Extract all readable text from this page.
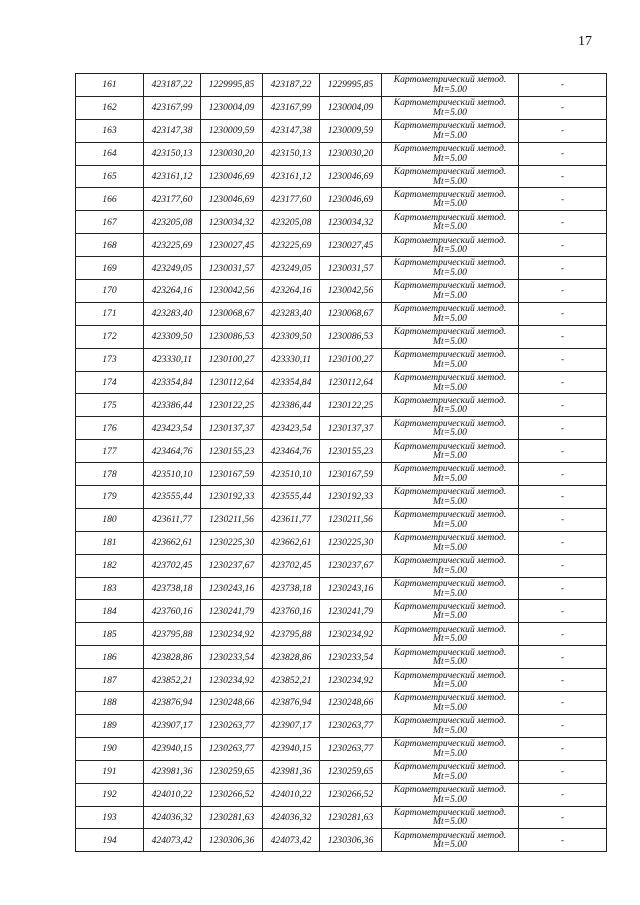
17
161	423187,22	1229995,85	423187,22	1229995,85	Картометрический метод.
Mt=5.00	-
162	423167,99	1230004,09	423167,99	1230004,09	Картометрический метод.
Mt=5.00	-
163	423147,38	1230009,59	423147,38	1230009,59	Картометрический метод.
Mt=5.00	-
164	423150,13	1230030,20	423150,13	1230030,20	Картометрический метод.
Mt=5.00	-
165	423161,12	1230046,69	423161,12	1230046,69	Картометрический метод.
Mt=5.00	-
166	423177,60	1230046,69	423177,60	1230046,69	Картометрический метод.
Mt=5.00	-
167	423205,08	1230034,32	423205,08	1230034,32	Картометрический метод.
Mt=5.00	-
168	423225,69	1230027,45	423225,69	1230027,45	Картометрический метод.
Mt=5.00	-
169	423249,05	1230031,57	423249,05	1230031,57	Картометрический метод.
Mt=5.00	-
170	423264,16	1230042,56	423264,16	1230042,56	Картометрический метод.
Mt=5.00	-
171	423283,40	1230068,67	423283,40	1230068,67	Картометрический метод.
Mt=5.00	-
172	423309,50	1230086,53	423309,50	1230086,53	Картометрический метод.
Mt=5.00	-
173	423330,11	1230100,27	423330,11	1230100,27	Картометрический метод.
Mt=5.00	-
174	423354,84	1230112,64	423354,84	1230112,64	Картометрический метод.
Mt=5.00	-
175	423386,44	1230122,25	423386,44	1230122,25	Картометрический метод.
Mt=5.00	-
176	423423,54	1230137,37	423423,54	1230137,37	Картометрический метод.
Mt=5.00	-
177	423464,76	1230155,23	423464,76	1230155,23	Картометрический метод.
Mt=5.00	-
178	423510,10	1230167,59	423510,10	1230167,59	Картометрический метод.
Mt=5.00	-
179	423555,44	1230192,33	423555,44	1230192,33	Картометрический метод.
Mt=5.00	-
180	423611,77	1230211,56	423611,77	1230211,56	Картометрический метод.
Mt=5.00	-
181	423662,61	1230225,30	423662,61	1230225,30	Картометрический метод.
Mt=5.00	-
182	423702,45	1230237,67	423702,45	1230237,67	Картометрический метод.
Mt=5.00	-
183	423738,18	1230243,16	423738,18	1230243,16	Картометрический метод.
Mt=5.00	-
184	423760,16	1230241,79	423760,16	1230241,79	Картометрический метод.
Mt=5.00	-
185	423795,88	1230234,92	423795,88	1230234,92	Картометрический метод.
Mt=5.00	-
186	423828,86	1230233,54	423828,86	1230233,54	Картометрический метод.
Mt=5.00	-
187	423852,21	1230234,92	423852,21	1230234,92	Картометрический метод.
Mt=5.00	-
188	423876,94	1230248,66	423876,94	1230248,66	Картометрический метод.
Mt=5.00	-
189	423907,17	1230263,77	423907,17	1230263,77	Картометрический метод.
Mt=5.00	-
190	423940,15	1230263,77	423940,15	1230263,77	Картометрический метод.
Mt=5.00	-
191	423981,36	1230259,65	423981,36	1230259,65	Картометрический метод.
Mt=5.00	-
192	424010,22	1230266,52	424010,22	1230266,52	Картометрический метод.
Mt=5.00	-
193	424036,32	1230281,63	424036,32	1230281,63	Картометрический метод.
Mt=5.00	-
194	424073,42	1230306,36	424073,42	1230306,36	Картометрический метод.
Mt=5.00	-
